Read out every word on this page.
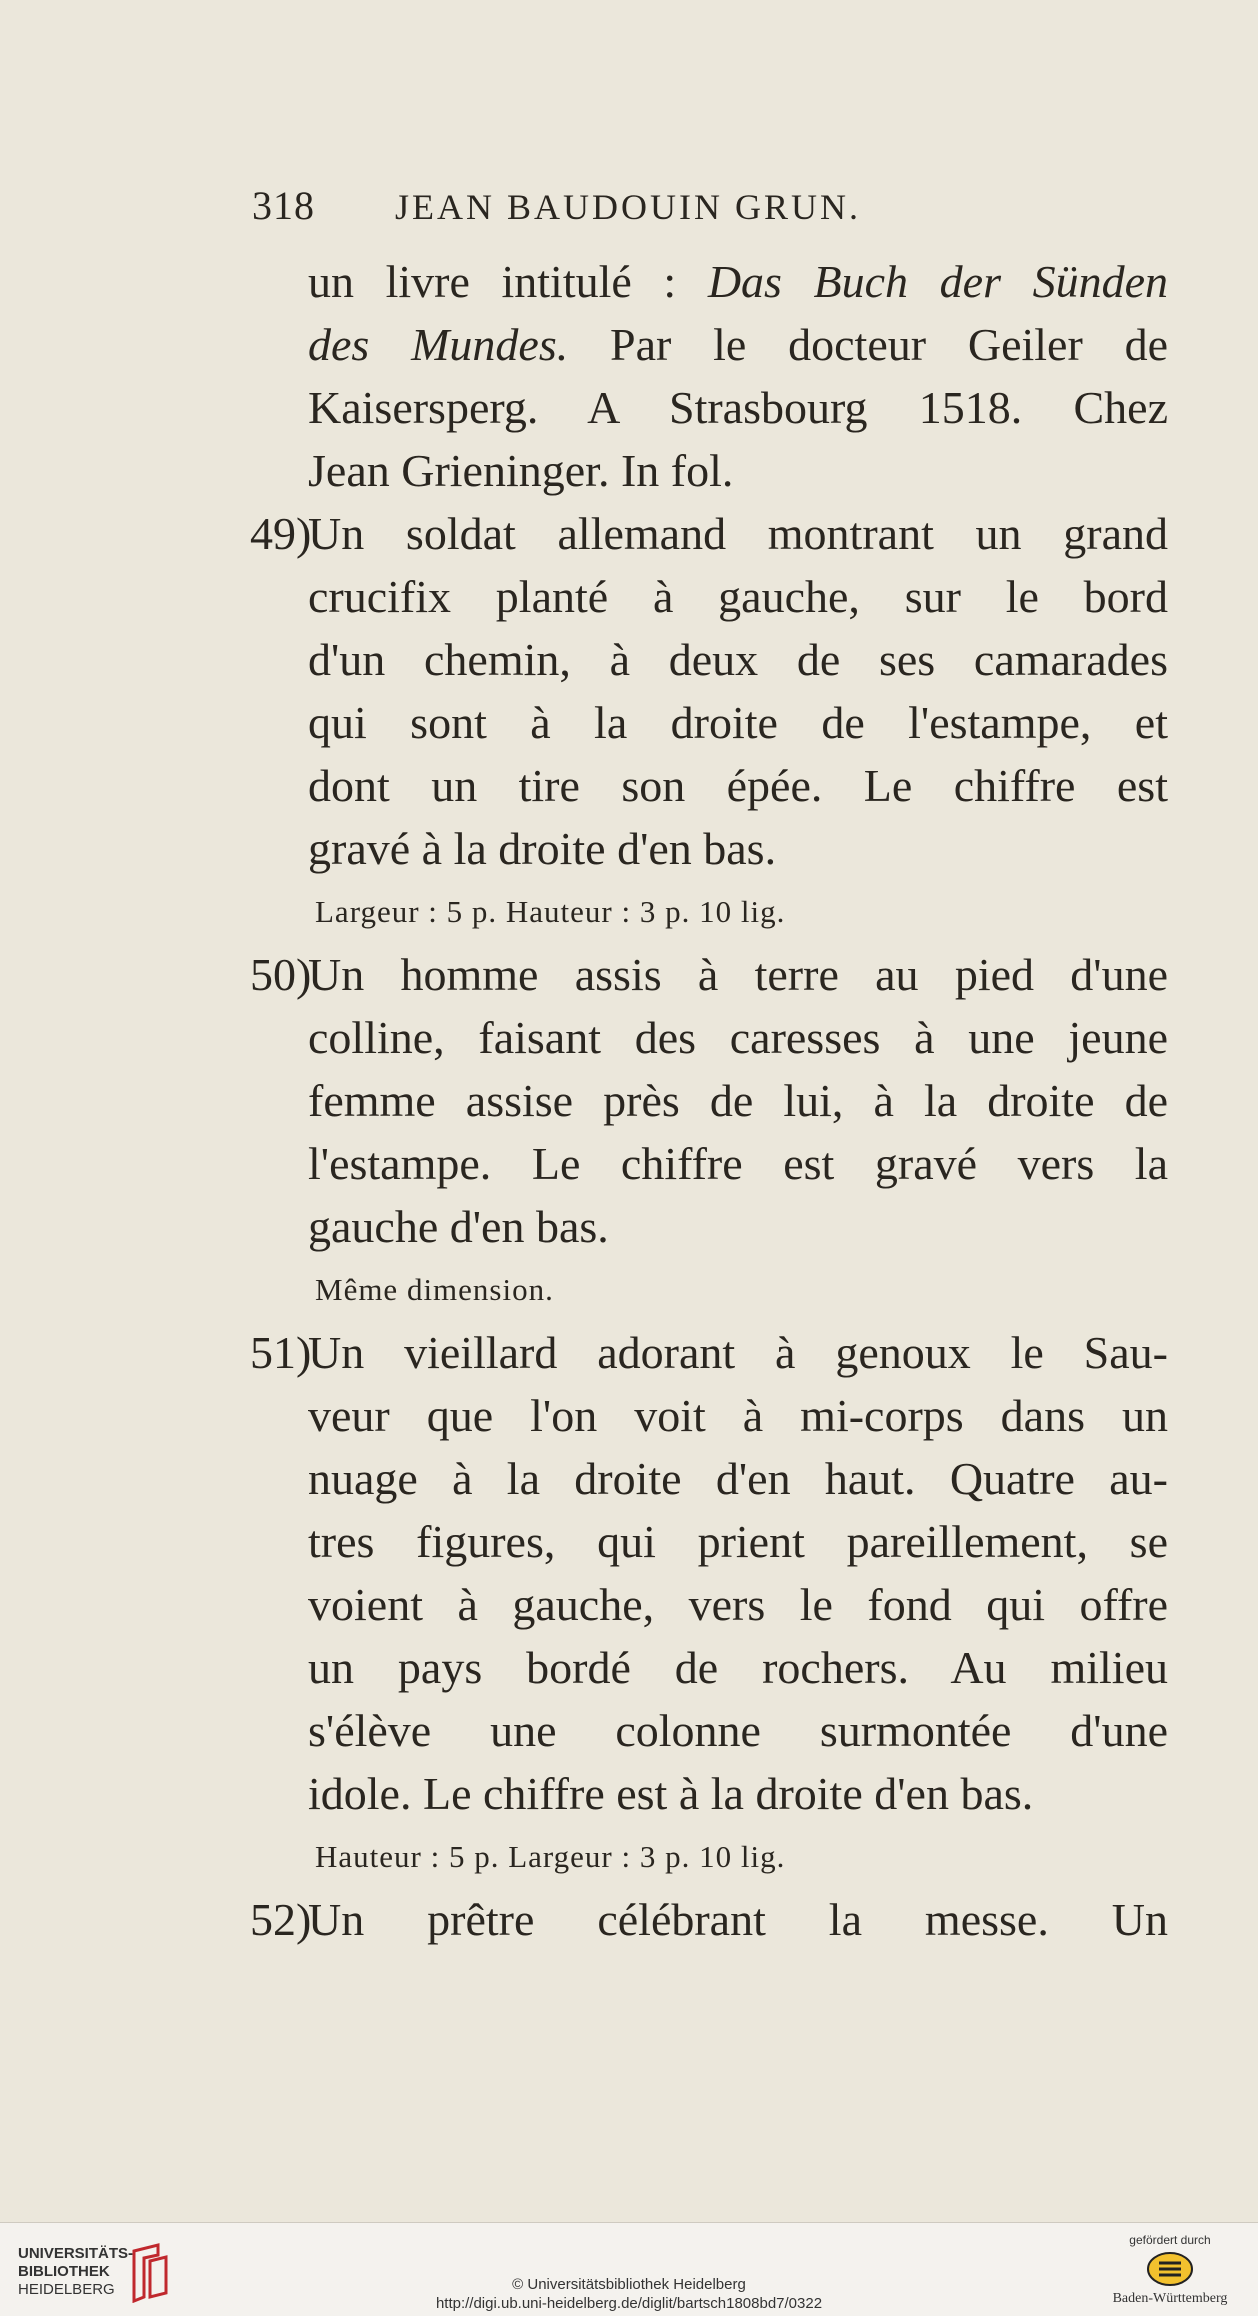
318 JEAN BAUDOUIN GRUN.
un livre intitulé : Das Buch der Sünden
des Mundes. Par le docteur Geiler de
Kaisersperg. A Strasbourg 1518. Chez
Jean Grieninger. In fol.
49)Un soldat allemand montrant un grand
crucifix planté à gauche, sur le bord
d'un chemin, à deux de ses camarades
qui sont à la droite de l'estampe, et
dont un tire son épée. Le chiffre est
gravé à la droite d'en bas.
Largeur : 5 p. Hauteur : 3 p. 10 lig.
50)Un homme assis à terre au pied d'une
colline, faisant des caresses à une jeune
femme assise près de lui, à la droite de
l'estampe. Le chiffre est gravé vers la
gauche d'en bas.
Même dimension.
51)Un vieillard adorant à genoux le Sau-
veur que l'on voit à mi-corps dans un
nuage à la droite d'en haut. Quatre au-
tres figures, qui prient pareillement, se
voient à gauche, vers le fond qui offre
un pays bordé de rochers. Au milieu
s'élève une colonne surmontée d'une
idole. Le chiffre est à la droite d'en bas.
Hauteur : 5 p. Largeur : 3 p. 10 lig.
52)Un prêtre célébrant la messe. Un
UNIVERSITÄTS-
BIBLIOTHEK
HEIDELBERG	© Universitätsbibliothek Heidelberg
http://digi.ub.uni-heidelberg.de/diglit/bartsch1808bd7/0322
gefördert durch
Baden-Württemberg
